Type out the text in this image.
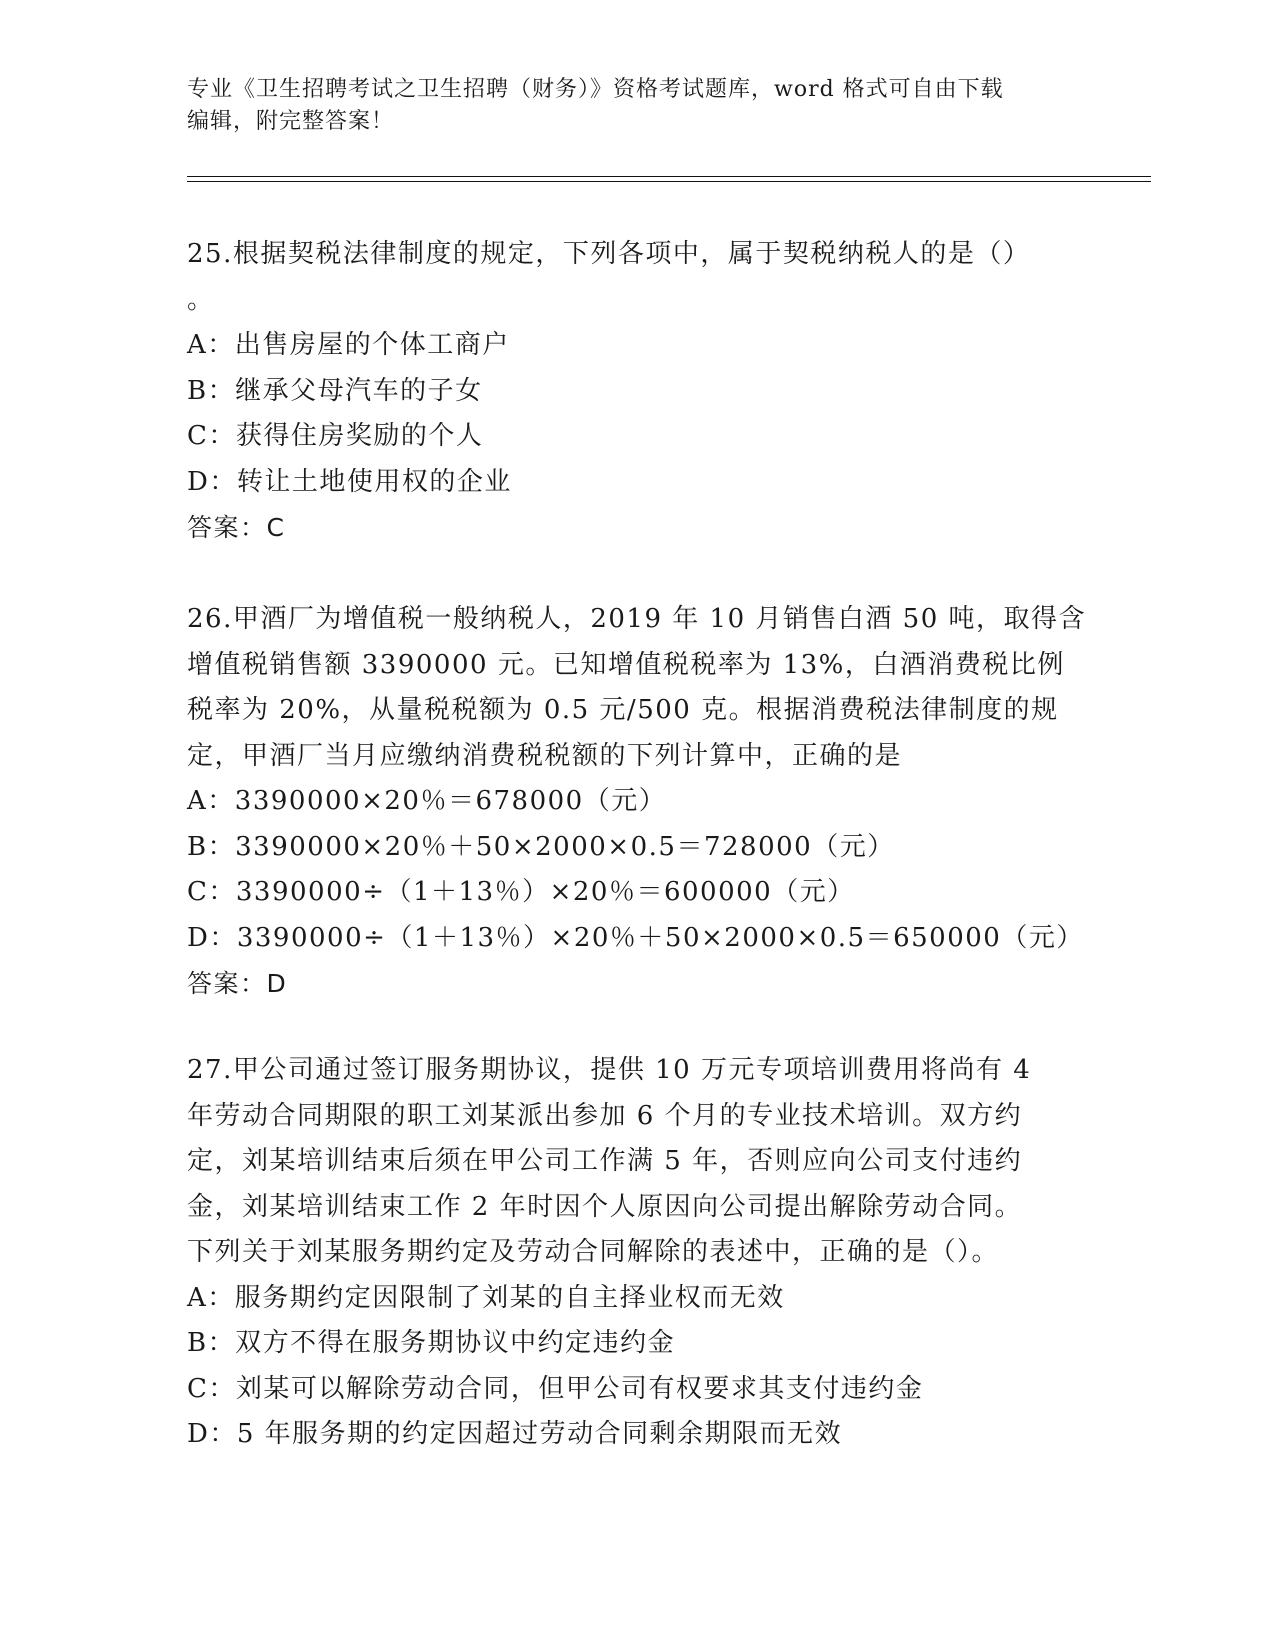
专业《卫生招聘考试之卫生招聘（财务）》资格考试题库，word 格式可自由下载
编辑，附完整答案！
25.根据契税法律制度的规定，下列各项中，属于契税纳税人的是（）
。
A：出售房屋的个体工商户
B：继承父母汽车的子女
C：获得住房奖励的个人
D：转让土地使用权的企业
答案：C
26.甲酒厂为增值税一般纳税人，2019 年 10 月销售白酒 50 吨，取得含
增值税销售额 3390000 元。已知增值税税率为 13%，白酒消费税比例
税率为 20%，从量税税额为 0.5 元/500 克。根据消费税法律制度的规
定，甲酒厂当月应缴纳消费税税额的下列计算中，正确的是
A：3390000×20％＝678000（元）
B：3390000×20％＋50×2000×0.5＝728000（元）
C：3390000÷（1＋13％）×20％＝600000（元）
D：3390000÷（1＋13％）×20％＋50×2000×0.5＝650000（元）
答案：D
27.甲公司通过签订服务期协议，提供 10 万元专项培训费用将尚有 4
年劳动合同期限的职工刘某派出参加 6 个月的专业技术培训。双方约
定，刘某培训结束后须在甲公司工作满 5 年，否则应向公司支付违约
金，刘某培训结束工作 2 年时因个人原因向公司提出解除劳动合同。
下列关于刘某服务期约定及劳动合同解除的表述中，正确的是（）。
A：服务期约定因限制了刘某的自主择业权而无效
B：双方不得在服务期协议中约定违约金
C：刘某可以解除劳动合同，但甲公司有权要求其支付违约金
D：5 年服务期的约定因超过劳动合同剩余期限而无效
